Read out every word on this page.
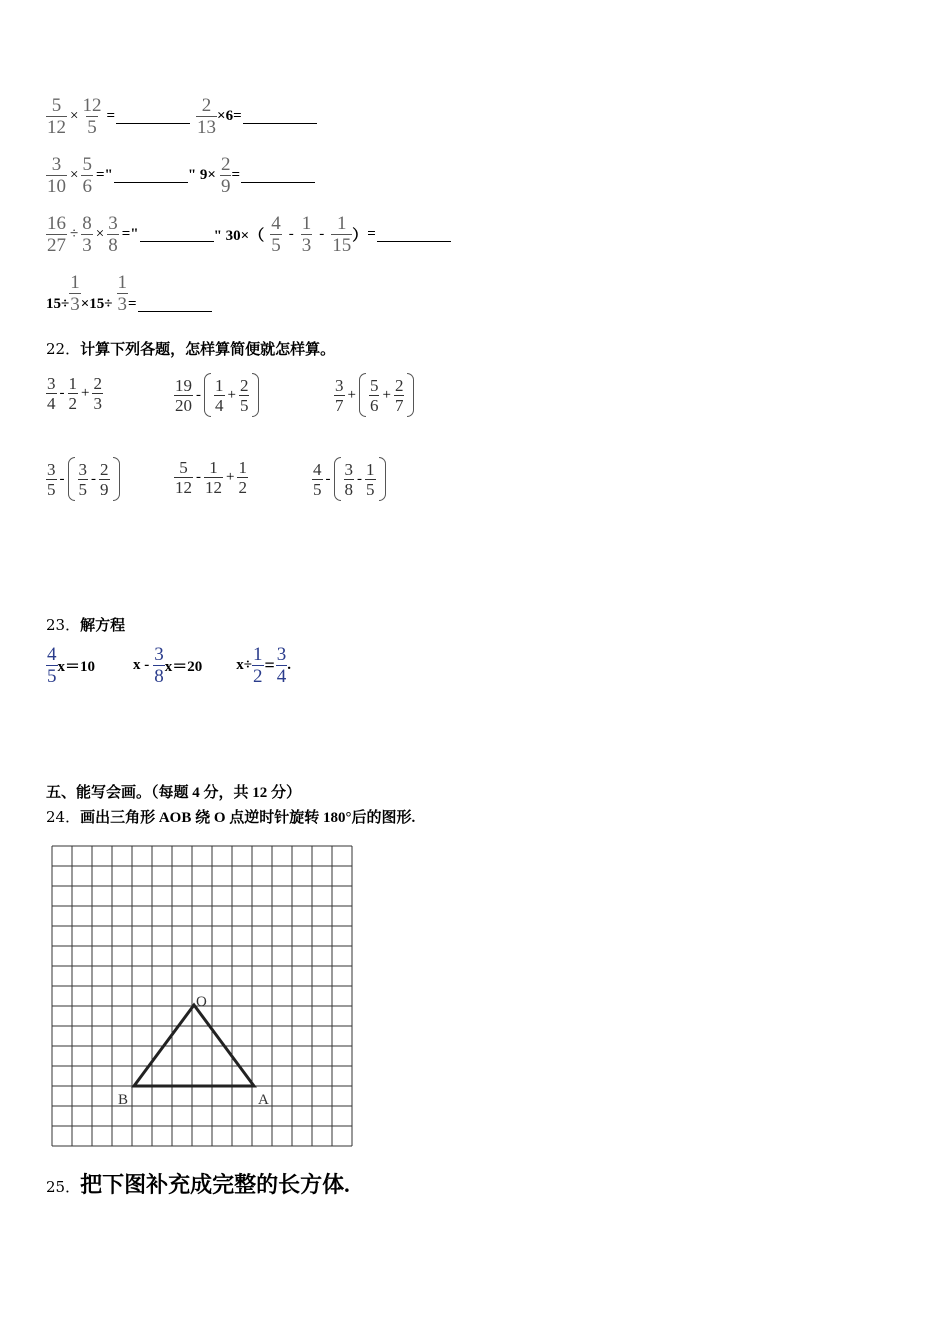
$\frac{5}{12} \times \frac{12}{5}$ =	$\frac{2}{13} \times 6=$
$\frac{3}{10} \times \frac{5}{6}$ = "	" $9\times \frac{2}{9}$ =
$\frac{16}{27} \div \frac{8}{3} \times \frac{3}{8}$ = "	" $30\times( \frac{4}{5} - \frac{1}{3} - \frac{1}{15}$ ） =
$15\div \frac{1}{3} \times 15\div \frac{1}{3}$ =
22．计算下列各题，怎样算简便就怎样算。
$\frac{3}{4} - \frac{1}{2} + \frac{2}{3}$	$\frac{19}{20} - \frac{1}{4} + \frac{2}{5}$	$\frac{3}{7} + \frac{5}{6} + \frac{2}{7}$
$\frac{3}{5} - \frac{3}{5} - \frac{2}{9}$	$\frac{5}{12} - \frac{1}{12} + \frac{1}{2}$	$\frac{4}{5} - \frac{3}{8} - \frac{1}{5}$
23．解方程
$\frac{4}{5} x=10$	$x - \frac{3}{8} x=20$ $x\div \frac{1}{2} = \frac{3}{4}$ .
五、能写会画。（每题 4 分，共 12 分）
24．画出三角形 AOB 绕 O 点逆时针旋转 180°后的图形.
O
B	A
25．把下图补充成完整的长方体.
